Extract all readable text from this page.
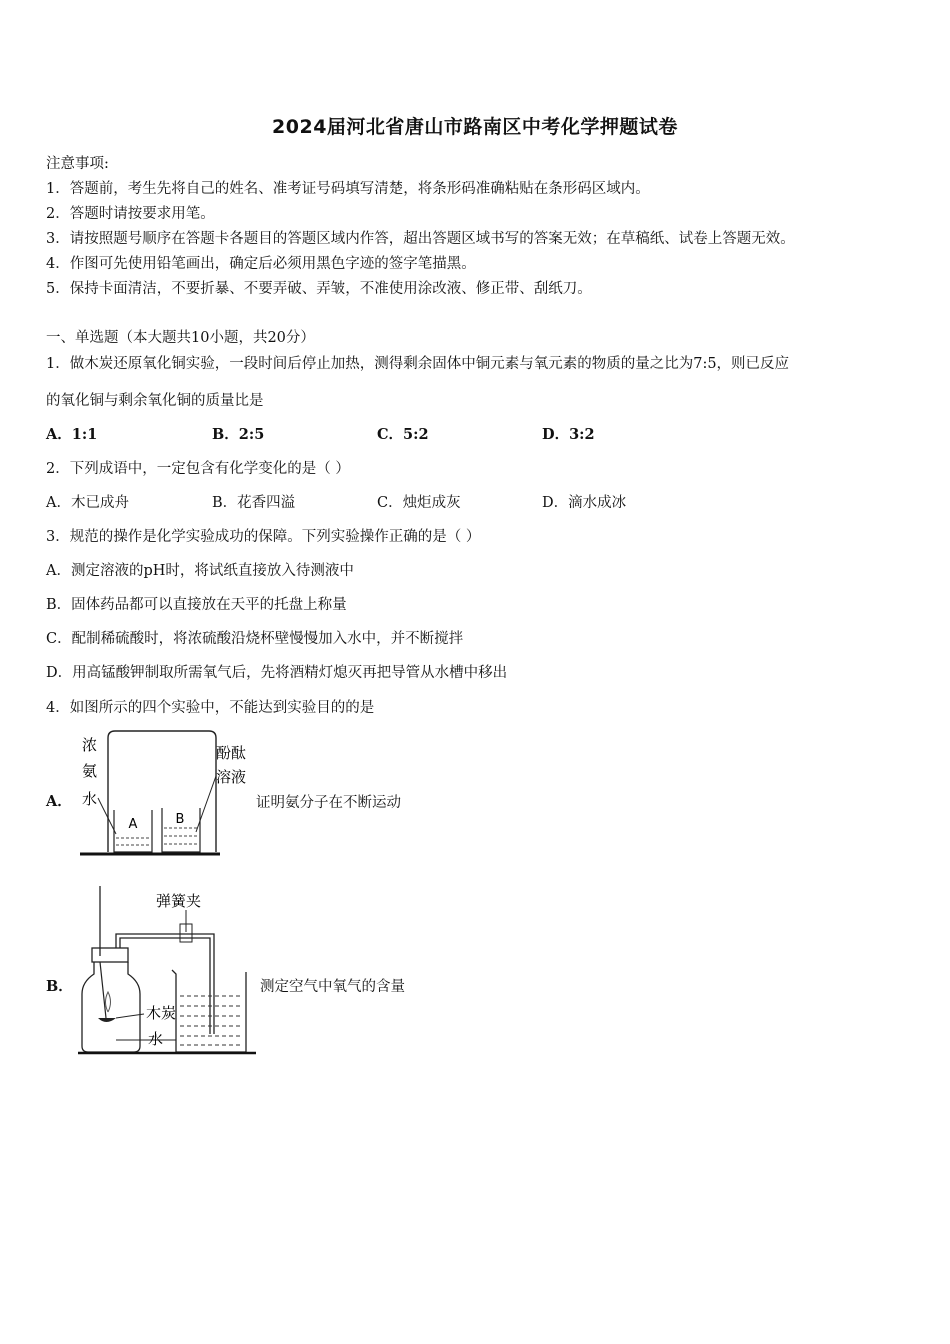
2024届河北省唐山市路南区中考化学押题试卷
注意事项:
1．答题前，考生先将自己的姓名、准考证号码填写清楚，将条形码准确粘贴在条形码区域内。
2．答题时请按要求用笔。
3．请按照题号顺序在答题卡各题目的答题区域内作答，超出答题区域书写的答案无效；在草稿纸、试卷上答题无效。
4．作图可先使用铅笔画出，确定后必须用黑色字迹的签字笔描黑。
5．保持卡面清洁，不要折暴、不要弄破、弄皱，不准使用涂改液、修正带、刮纸刀。
一、单选题（本大题共10小题，共20分）
1．做木炭还原氧化铜实验，一段时间后停止加热，测得剩余固体中铜元素与氧元素的物质的量之比为7:5，则已反应
的氧化铜与剩余氧化铜的质量比是
A．1:1	B．2:5	C．5:2	D．3:2
2．下列成语中，一定包含有化学变化的是（ ）
A．木已成舟	B．花香四溢	C．烛炬成灰	D．滴水成冰
3．规范的操作是化学实验成功的保障。下列实验操作正确的是（ ）
A．测定溶液的pH时，将试纸直接放入待测液中
B．固体药品都可以直接放在天平的托盘上称量
C．配制稀硫酸时，将浓硫酸沿烧杯壁慢慢加入水中，并不断搅拌
D．用高锰酸钾制取所需氧气后，先将酒精灯熄灭再把导管从水槽中移出
4．如图所示的四个实验中，不能达到实验目的的是
A．
A	B
浓
氨
水
酚酞
溶液
证明氨分子在不断运动
B．
弹簧夹
木炭
水
测定空气中氧气的含量
